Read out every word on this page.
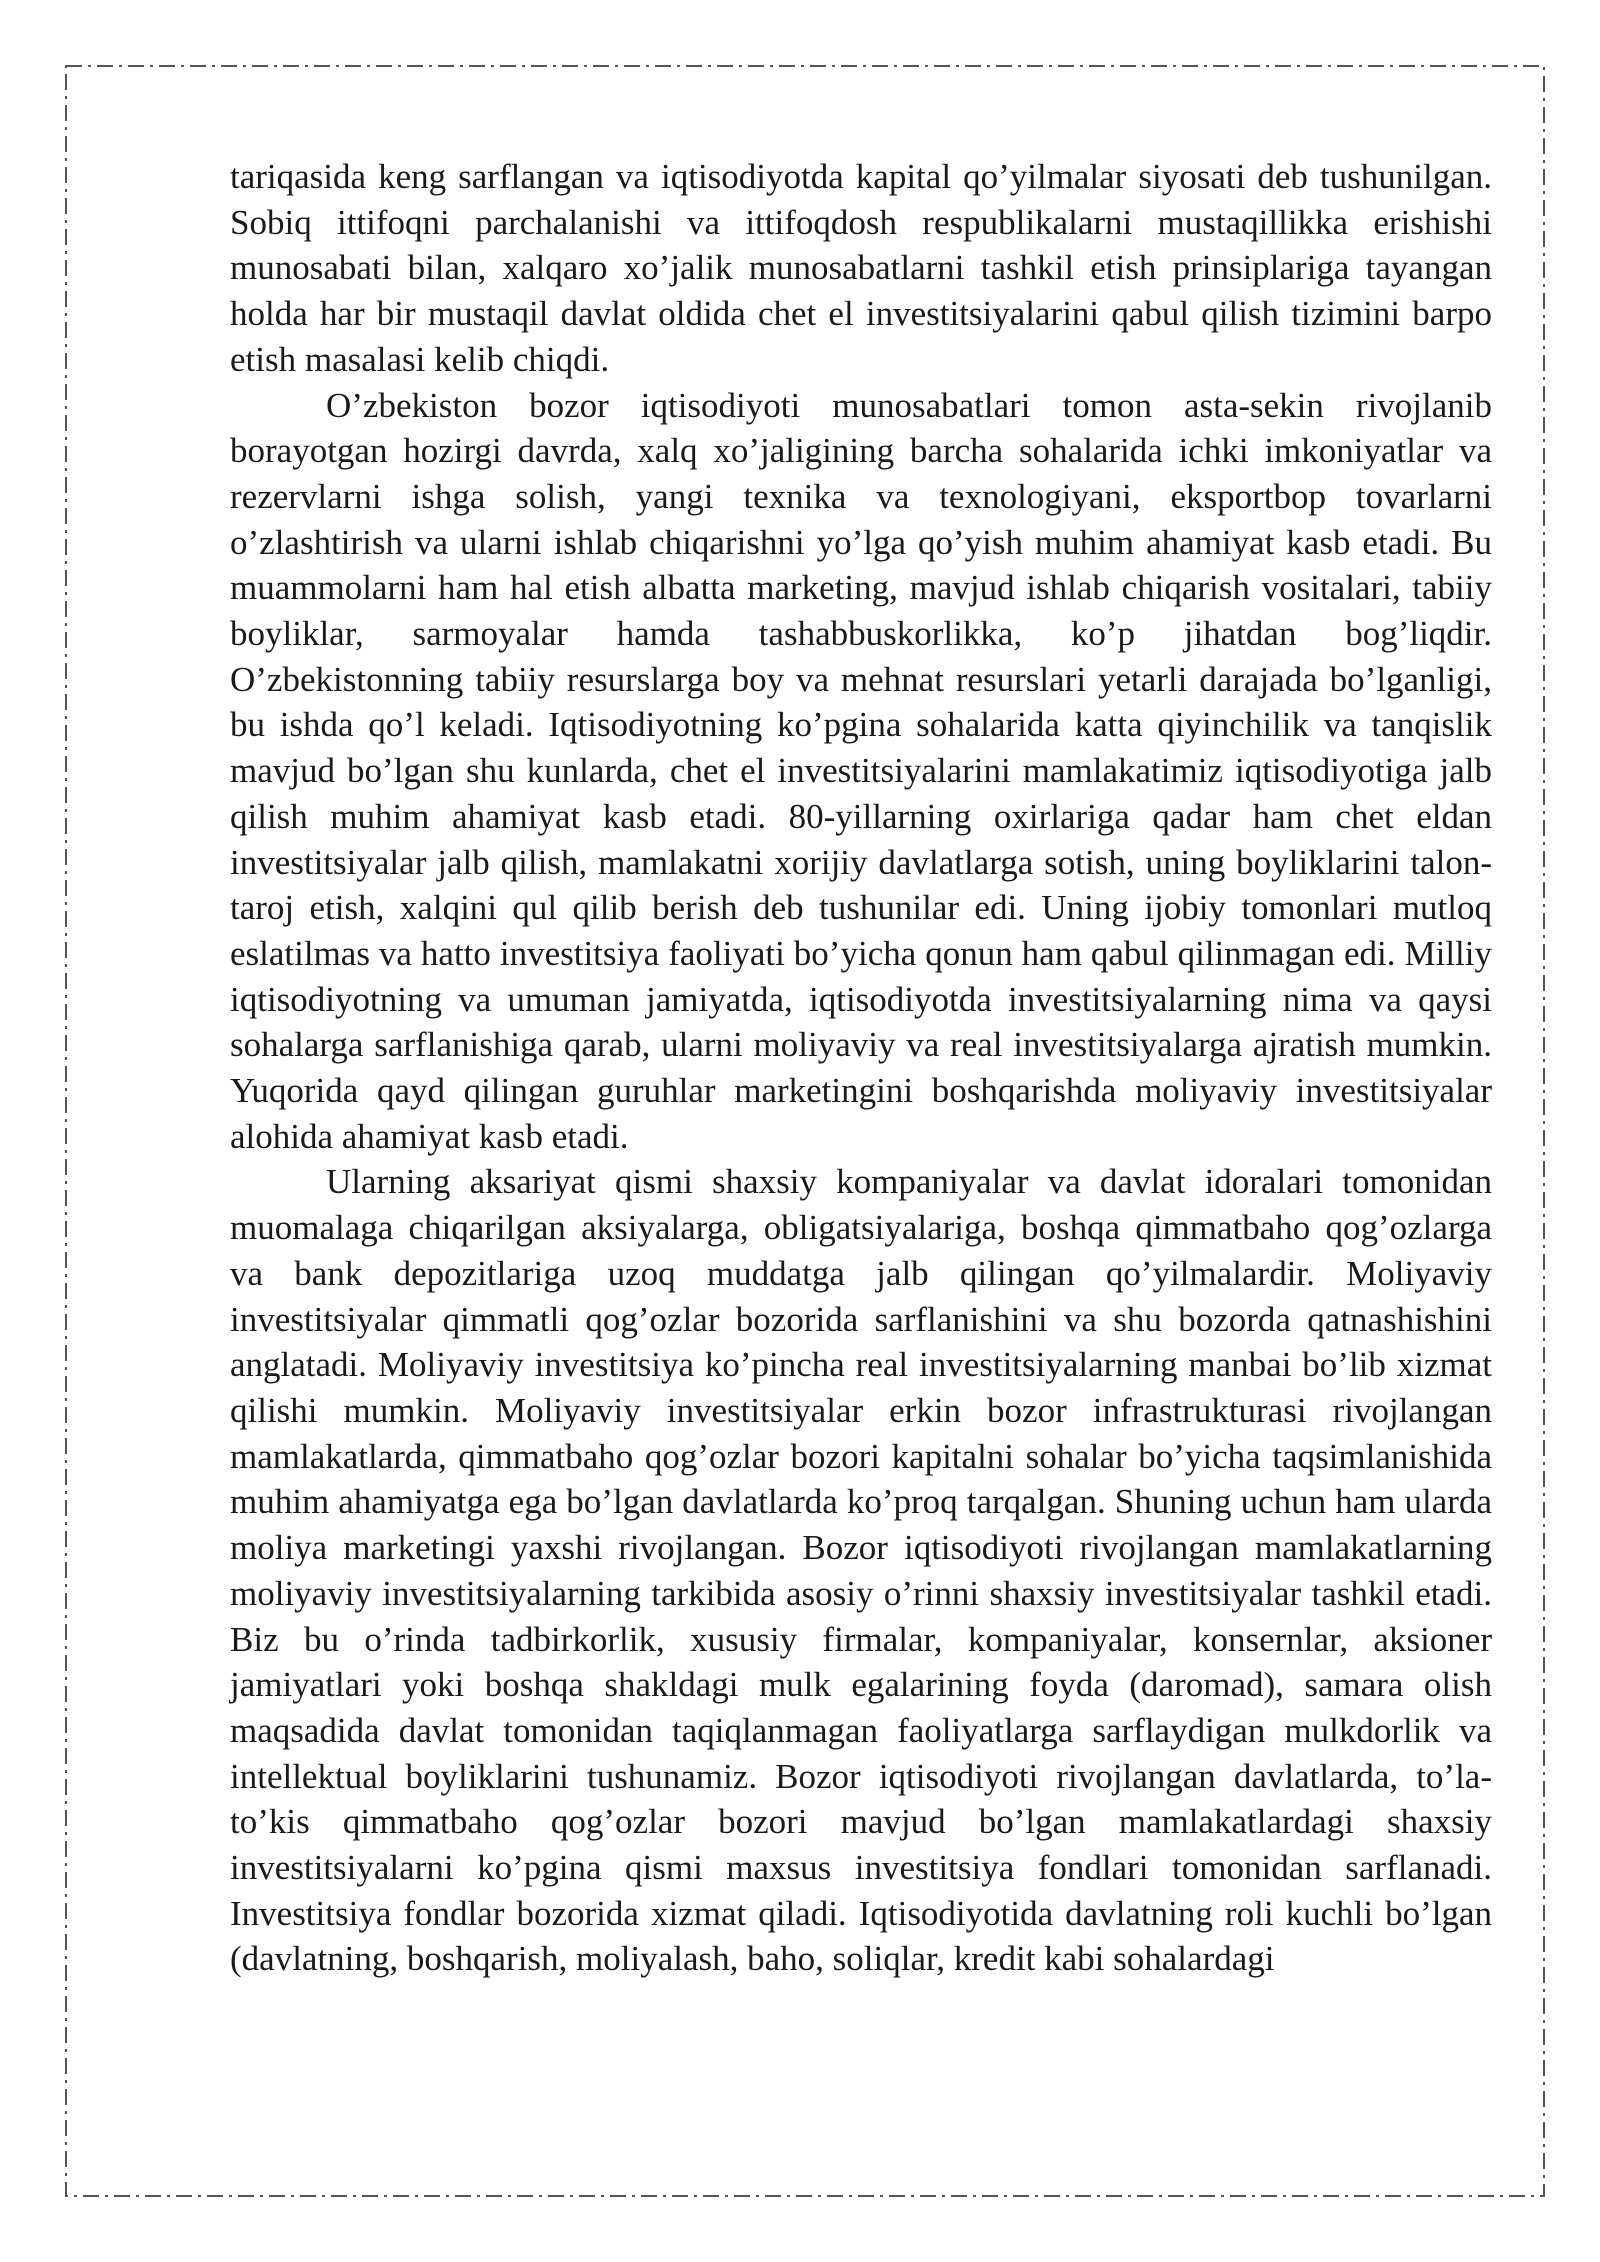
tariqasida keng sarflangan va iqtisodiyotda kapital qo’yilmalar siyosati deb tushunilgan. Sobiq ittifoqni parchalanishi va ittifoqdosh respublikalarni mustaqillikka erishishi munosabati bilan, xalqaro xo’jalik munosabatlarni tashkil etish prinsiplariga tayangan holda har bir mustaqil davlat oldida chet el investitsiyalarini qabul qilish tizimini barpo etish masalasi kelib chiqdi.

O’zbekiston bozor iqtisodiyoti munosabatlari tomon asta-sekin rivojlanib borayotgan hozirgi davrda, xalq xo’jaligining barcha sohalarida ichki imkoniyatlar va rezervlarni ishga solish, yangi texnika va texnologiyani, eksportbop tovarlarni o’zlashtirish va ularni ishlab chiqarishni yo’lga qo’yish muhim ahamiyat kasb etadi. Bu muammolarni ham hal etish albatta marketing, mavjud ishlab chiqarish vositalari, tabiiy boyliklar, sarmoyalar hamda tashabbuskorlikka, ko’p jihatdan bog’liqdir. O’zbekistonning tabiiy resurslarga boy va mehnat resurslari yetarli darajada bo’lganligi, bu ishda qo’l keladi. Iqtisodiyotning ko’pgina sohalarida katta qiyinchilik va tanqislik mavjud bo’lgan shu kunlarda, chet el investitsiyalarini mamlakatimiz iqtisodiyotiga jalb qilish muhim ahamiyat kasb etadi. 80-yillarning oxirlariga qadar ham chet eldan investitsiyalar jalb qilish, mamlakatni xorijiy davlatlarga sotish, uning boyliklarini talon-taroj etish, xalqini qul qilib berish deb tushunilar edi. Uning ijobiy tomonlari mutloq eslatilmas va hatto investitsiya faoliyati bo’yicha qonun ham qabul qilinmagan edi. Milliy iqtisodiyotning va umuman jamiyatda, iqtisodiyotda investitsiyalarning nima va qaysi sohalarga sarflanishiga qarab, ularni moliyaviy va real investitsiyalarga ajratish mumkin. Yuqorida qayd qilingan guruhlar marketingini boshqarishda moliyaviy investitsiyalar alohida ahamiyat kasb etadi.

Ularning aksariyat qismi shaxsiy kompaniyalar va davlat idoralari tomonidan muomalaga chiqarilgan aksiyalarga, obligatsiyalariga, boshqa qimmatbaho qog’ozlarga va bank depozitlariga uzoq muddatga jalb qilingan qo’yilmalardir. Moliyaviy investitsiyalar qimmatli qog’ozlar bozorida sarflanishini va shu bozorda qatnashishini anglatadi. Moliyaviy investitsiya ko’pincha real investitsiyalarning manbai bo’lib xizmat qilishi mumkin. Moliyaviy investitsiyalar erkin bozor infrastrukturasi rivojlangan mamlakatlarda, qimmatbaho qog’ozlar bozori kapitalni sohalar bo’yicha taqsimlanishida muhim ahamiyatga ega bo’lgan davlatlarda ko’proq tarqalgan. Shuning uchun ham ularda moliya marketingi yaxshi rivojlangan. Bozor iqtisodiyoti rivojlangan mamlakatlarning moliyaviy investitsiyalarning tarkibida asosiy o’rinni shaxsiy investitsiyalar tashkil etadi. Biz bu o’rinda tadbirkorlik, xususiy firmalar, kompaniyalar, konsernlar, aksioner jamiyatlari yoki boshqa shakldagi mulk egalarining foyda (daromad), samara olish maqsadida davlat tomonidan taqiqlanmagan faoliyatlarga sarflaydigan mulkdorlik va intellektual boyliklarini tushunamiz. Bozor iqtisodiyoti rivojlangan davlatlarda, to’la-to’kis qimmatbaho qog’ozlar bozori mavjud bo’lgan mamlakatlardagi shaxsiy investitsiyalarni ko’pgina qismi maxsus investitsiya fondlari tomonidan sarflanadi. Investitsiya fondlar bozorida xizmat qiladi. Iqtisodiyotida davlatning roli kuchli bo’lgan (davlatning, boshqarish, moliyalash, baho, soliqlar, kredit kabi sohalardagi
